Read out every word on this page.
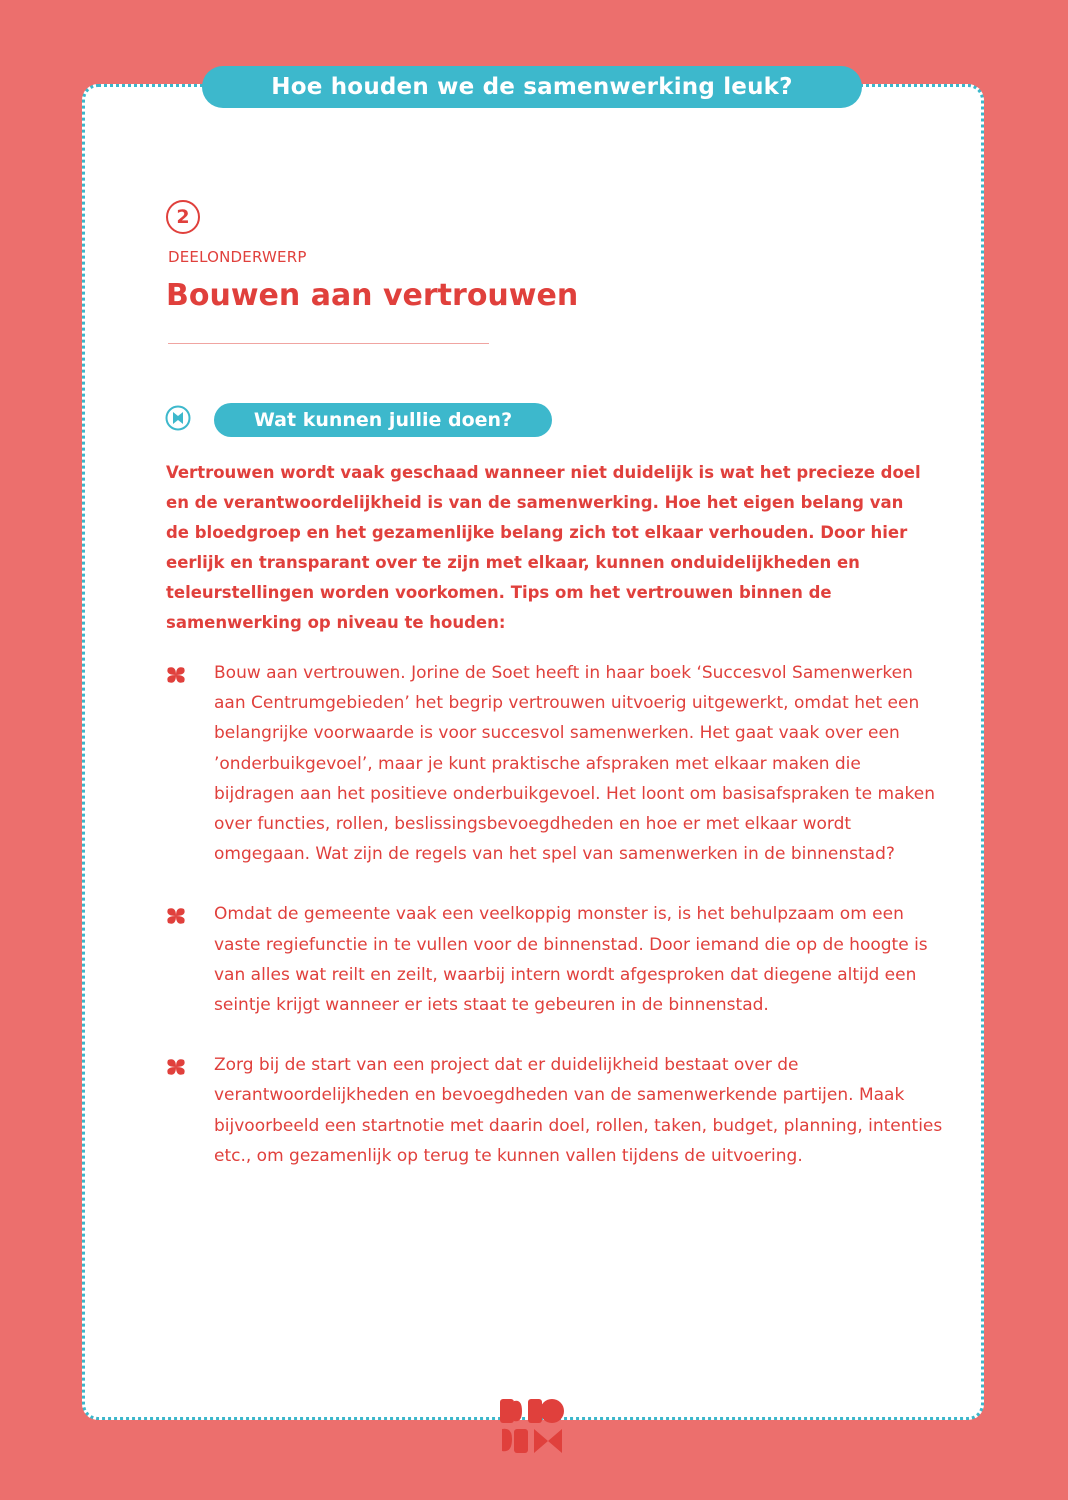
Hoe houden we de samenwerking leuk?
2
DEELONDERWERP
Bouwen aan vertrouwen
Wat kunnen jullie doen?

Vertrouwen wordt vaak geschaad wanneer niet duidelijk is wat het precieze doel en de verantwoordelijkheid is van de samenwerking. Hoe het eigen belang van de bloedgroep en het gezamenlijke belang zich tot elkaar verhouden. Door hier eerlijk en transparant over te zijn met elkaar, kunnen onduidelijkheden en teleurstellingen worden voorkomen. Tips om het vertrouwen binnen de samenwerking op niveau te houden:

Bouw aan vertrouwen. Jorine de Soet heeft in haar boek ‘Succesvol Samenwerken aan Centrumgebieden’ het begrip vertrouwen uitvoerig uitgewerkt, omdat het een belangrijke voorwaarde is voor succesvol samenwerken. Het gaat vaak over een ’onderbuikgevoel’, maar je kunt praktische afspraken met elkaar maken die bijdragen aan het positieve onderbuikgevoel. Het loont om basisafspraken te maken over functies, rollen, beslissingsbevoegdheden en hoe er met elkaar wordt omgegaan. Wat zijn de regels van het spel van samenwerken in de binnenstad?
Omdat de gemeente vaak een veelkoppig monster is, is het behulpzaam om een vaste regiefunctie in te vullen voor de binnenstad. Door iemand die op de hoogte is van alles wat reilt en zeilt, waarbij intern wordt afgesproken dat diegene altijd een seintje krijgt wanneer er iets staat te gebeuren in de binnenstad.
Zorg bij de start van een project dat er duidelijkheid bestaat over de verantwoordelijkheden en bevoegdheden van de samenwerkende partijen. Maak bijvoorbeeld een startnotie met daarin doel, rollen, taken, budget, planning, intenties etc., om gezamenlijk op terug te kunnen vallen tijdens de uitvoering.
